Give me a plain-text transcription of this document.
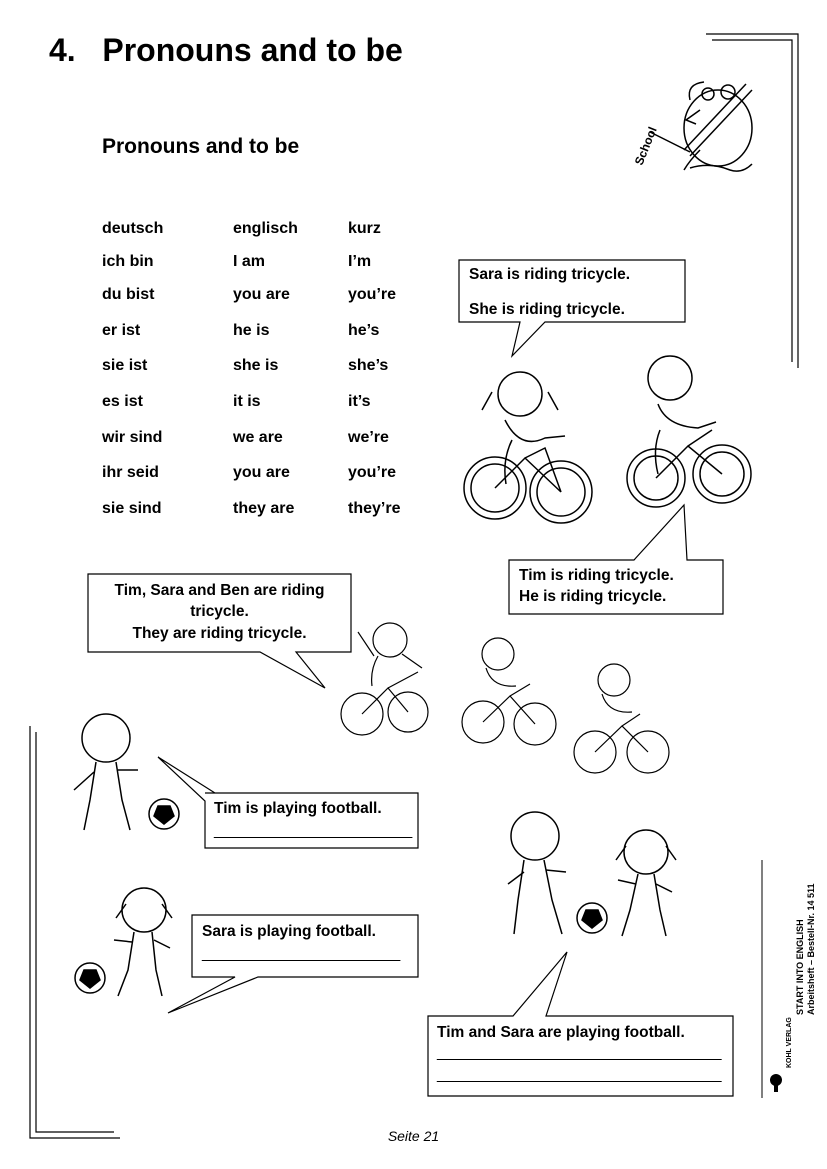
School
4. Pronouns and to be
Pronouns and to be
deutsch	englisch	kurz
ich bin	I am	I’m
du bist	you are	you’re
er ist	he is	he’s
sie ist	she is	she’s
es ist	it is	it’s
wir sind	we are	we’re
ihr seid	you are	you’re
sie sind	they are	they’re
Sara is riding tricycle.
She is riding tricycle.
Tim is riding tricycle.
He is riding tricycle.
Tim, Sara and Ben are riding
tricycle.
They are riding tricycle.
Tim is playing football.
_______________________
Sara is playing football.
_______________________
Tim and Sara are playing football.
_________________________________
_________________________________
START INTO ENGLISH Arbeitsheft – Bestell-Nr. 14 511
KOHL VERLAG
Seite 21
